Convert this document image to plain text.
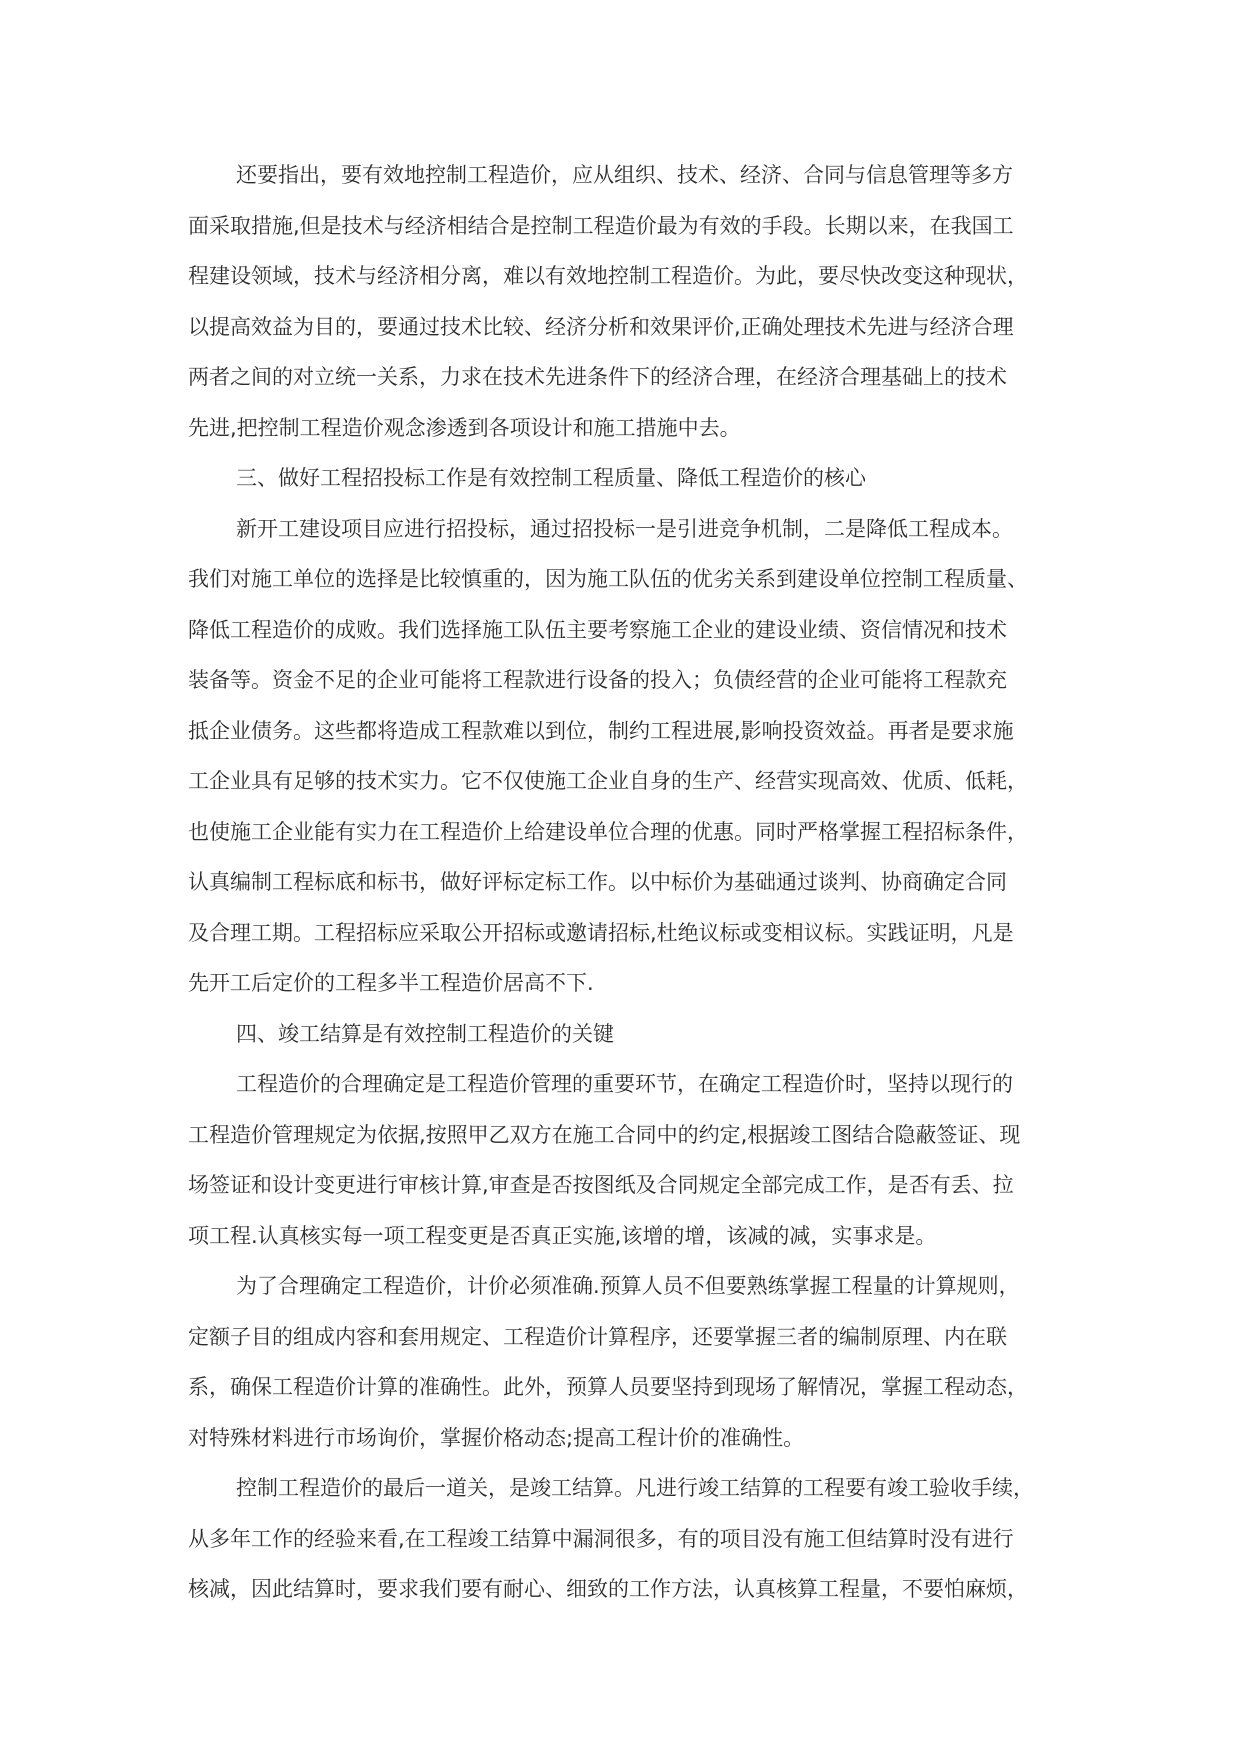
还要指出，要有效地控制工程造价，应从组织、技术、经济、合同与信息管理等多方
面采取措施,但是技术与经济相结合是控制工程造价最为有效的手段。长期以来，在我国工
程建设领域，技术与经济相分离，难以有效地控制工程造价。为此，要尽快改变这种现状，
以提高效益为目的，要通过技术比较、经济分析和效果评价,正确处理技术先进与经济合理
两者之间的对立统一关系，力求在技术先进条件下的经济合理，在经济合理基础上的技术
先进,把控制工程造价观念渗透到各项设计和施工措施中去。
三、做好工程招投标工作是有效控制工程质量、降低工程造价的核心
新开工建设项目应进行招投标，通过招投标一是引进竞争机制，二是降低工程成本。
我们对施工单位的选择是比较慎重的，因为施工队伍的优劣关系到建设单位控制工程质量、
降低工程造价的成败。我们选择施工队伍主要考察施工企业的建设业绩、资信情况和技术
装备等。资金不足的企业可能将工程款进行设备的投入；负债经营的企业可能将工程款充
抵企业债务。这些都将造成工程款难以到位，制约工程进展,影响投资效益。再者是要求施
工企业具有足够的技术实力。它不仅使施工企业自身的生产、经营实现高效、优质、低耗，
也使施工企业能有实力在工程造价上给建设单位合理的优惠。同时严格掌握工程招标条件，
认真编制工程标底和标书，做好评标定标工作。以中标价为基础通过谈判、协商确定合同
及合理工期。工程招标应采取公开招标或邀请招标,杜绝议标或变相议标。实践证明，凡是
先开工后定价的工程多半工程造价居高不下.
四、竣工结算是有效控制工程造价的关键
工程造价的合理确定是工程造价管理的重要环节，在确定工程造价时，坚持以现行的
工程造价管理规定为依据,按照甲乙双方在施工合同中的约定,根据竣工图结合隐蔽签证、现
场签证和设计变更进行审核计算,审查是否按图纸及合同规定全部完成工作，是否有丢、拉
项工程.认真核实每一项工程变更是否真正实施,该增的增，该减的减，实事求是。
为了合理确定工程造价，计价必须准确.预算人员不但要熟练掌握工程量的计算规则，
定额子目的组成内容和套用规定、工程造价计算程序，还要掌握三者的编制原理、内在联
系，确保工程造价计算的准确性。此外，预算人员要坚持到现场了解情况，掌握工程动态，
对特殊材料进行市场询价，掌握价格动态;提高工程计价的准确性。
控制工程造价的最后一道关，是竣工结算。凡进行竣工结算的工程要有竣工验收手续，
从多年工作的经验来看,在工程竣工结算中漏洞很多，有的项目没有施工但结算时没有进行
核减，因此结算时，要求我们要有耐心、细致的工作方法，认真核算工程量，不要怕麻烦，
